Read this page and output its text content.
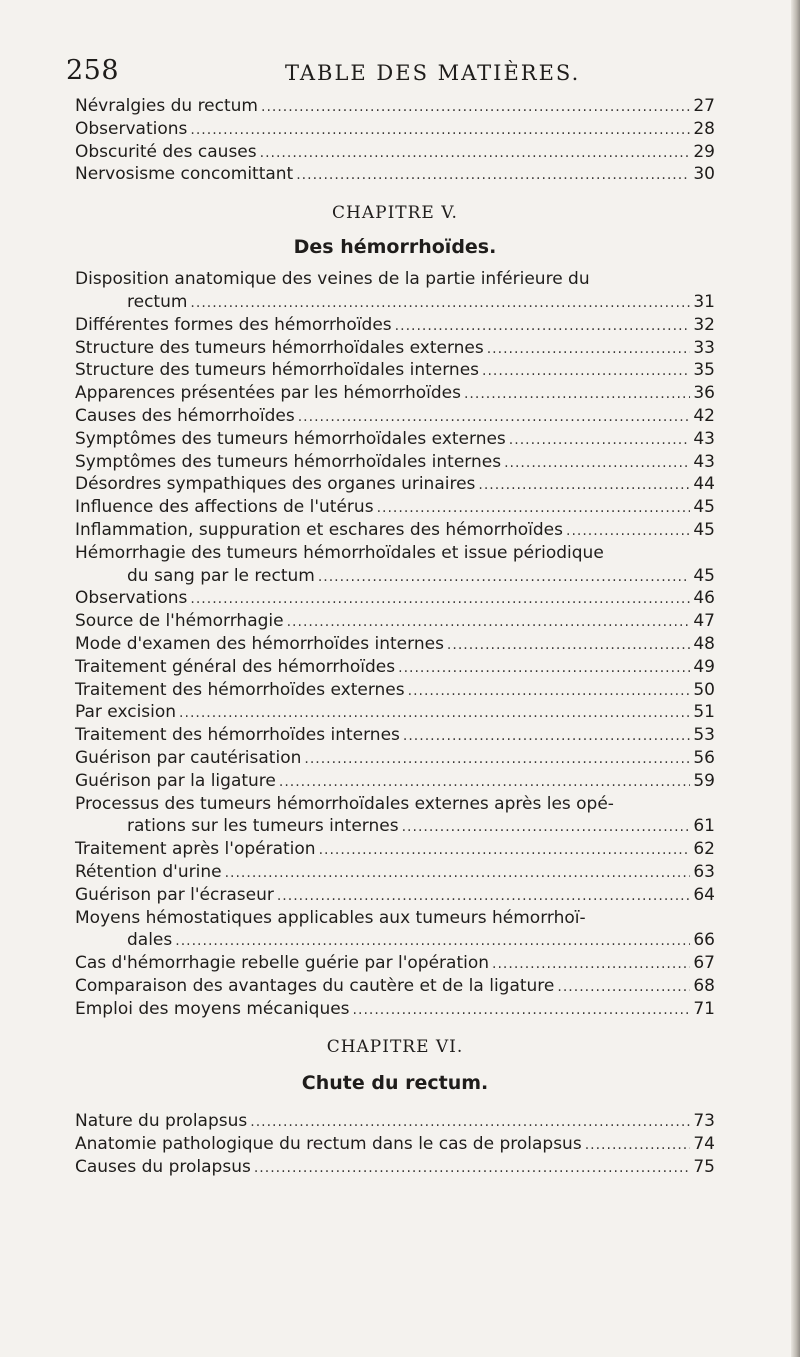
258	TABLE DES MATIÈRES.
Névralgies du rectum .....	27
Observations .....	28
Obscurité des causes .....	29
Nervosisme concomittant .....	30
CHAPITRE V.
Des hémorrhoïdes.
Disposition anatomique des veines de la partie inférieure du
rectum .....	31
Différentes formes des hémorrhoïdes .....	32
Structure des tumeurs hémorrhoïdales externes .....	33
Structure des tumeurs hémorrhoïdales internes .....	35
Apparences présentées par les hémorrhoïdes .....	36
Causes des hémorrhoïdes .....	42
Symptômes des tumeurs hémorrhoïdales externes .....	43
Symptômes des tumeurs hémorrhoïdales internes .....	43
Désordres sympathiques des organes urinaires .....	44
Influence des affections de l'utérus .....	45
Inflammation, suppuration et eschares des hémorrhoïdes .....	45
Hémorrhagie des tumeurs hémorrhoïdales et issue périodique
du sang par le rectum .....	45
Observations .....	46
Source de l'hémorrhagie .....	47
Mode d'examen des hémorrhoïdes internes .....	48
Traitement général des hémorrhoïdes .....	49
Traitement des hémorrhoïdes externes .....	50
Par excision .....	51
Traitement des hémorrhoïdes internes .....	53
Guérison par cautérisation .....	56
Guérison par la ligature .....	59
Processus des tumeurs hémorrhoïdales externes après les opé-
rations sur les tumeurs internes .....	61
Traitement après l'opération .....	62
Rétention d'urine .....	63
Guérison par l'écraseur .....	64
Moyens hémostatiques applicables aux tumeurs hémorrhoï-
dales .....	66
Cas d'hémorrhagie rebelle guérie par l'opération .....	67
Comparaison des avantages du cautère et de la ligature .....	68
Emploi des moyens mécaniques .....	71
CHAPITRE VI.
Chute du rectum.
Nature du prolapsus .....	73
Anatomie pathologique du rectum dans le cas de prolapsus .....	74
Causes du prolapsus .....	75
